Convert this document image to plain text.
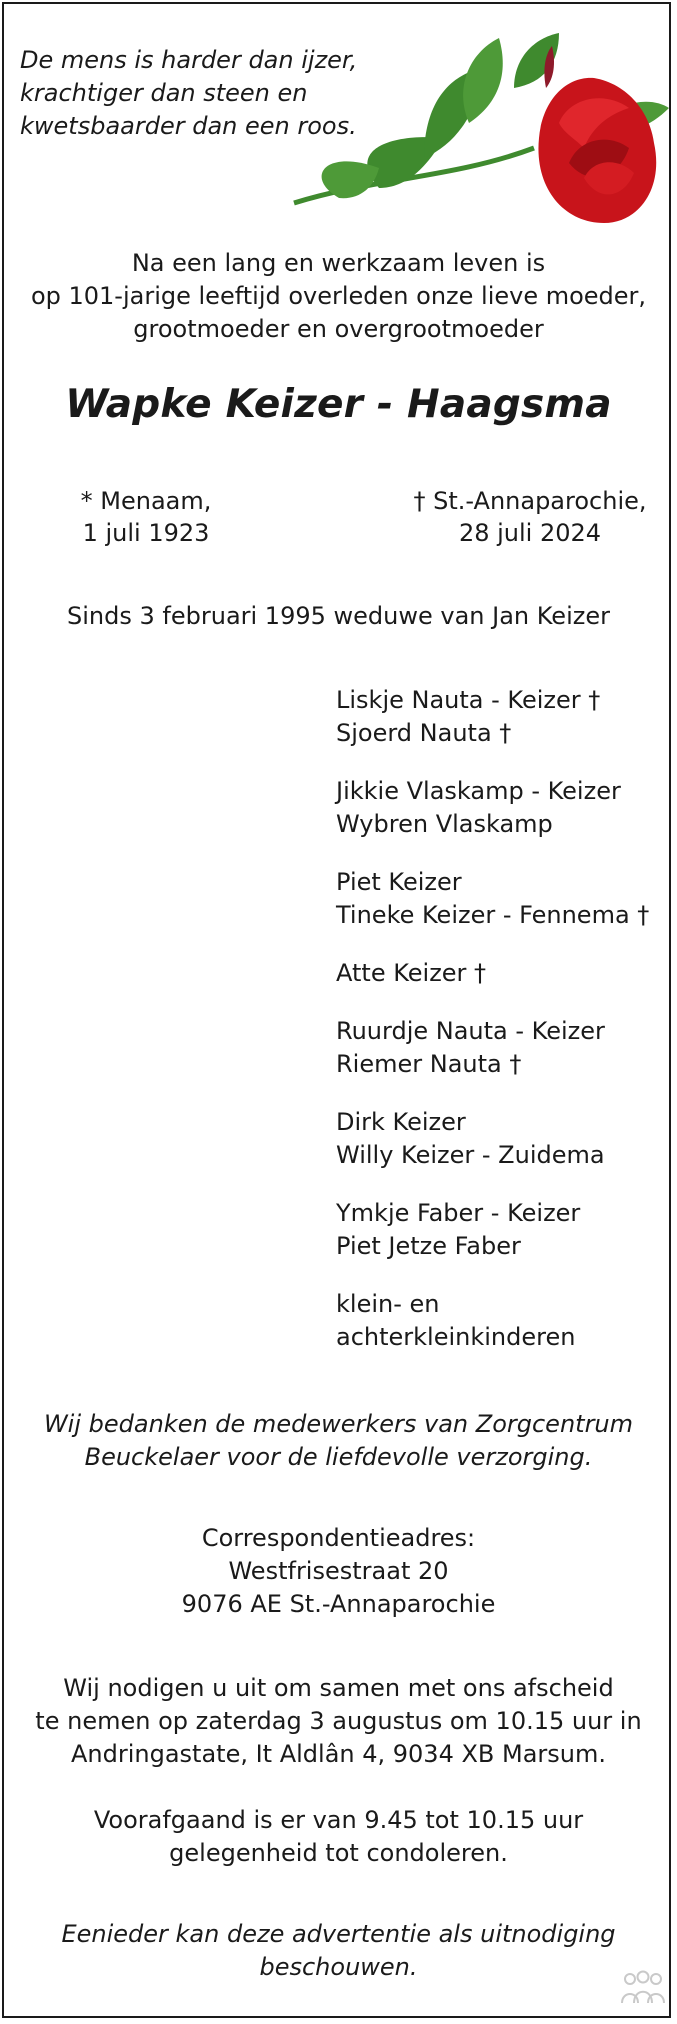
De mens is harder dan ijzer,
krachtiger dan steen en
kwetsbaarder dan een roos.
Na een lang en werkzaam leven is
op 101-jarige leeftijd overleden onze lieve moeder,
grootmoeder en overgrootmoeder
Wapke Keizer - Haagsma
* Menaam,
1 juli 1923
† St.-Annaparochie,
28 juli 2024
Sinds 3 februari 1995 weduwe van Jan Keizer
Liskje Nauta - Keizer †
Sjoerd Nauta †
Jikkie Vlaskamp - Keizer
Wybren Vlaskamp
Piet Keizer
Tineke Keizer - Fennema †
Atte Keizer †
Ruurdje Nauta - Keizer
Riemer Nauta †
Dirk Keizer
Willy Keizer - Zuidema
Ymkje Faber - Keizer
Piet Jetze Faber
klein- en
achterkleinkinderen
Wij bedanken de medewerkers van Zorgcentrum
Beuckelaer voor de liefdevolle verzorging.
Correspondentieadres:
Westfrisestraat 20
9076 AE St.-Annaparochie
Wij nodigen u uit om samen met ons afscheid
te nemen op zaterdag 3 augustus om 10.15 uur in
Andringastate, It Aldlân 4, 9034 XB Marsum.
Voorafgaand is er van 9.45 tot 10.15 uur
gelegenheid tot condoleren.
Eenieder kan deze advertentie als uitnodiging
beschouwen.
